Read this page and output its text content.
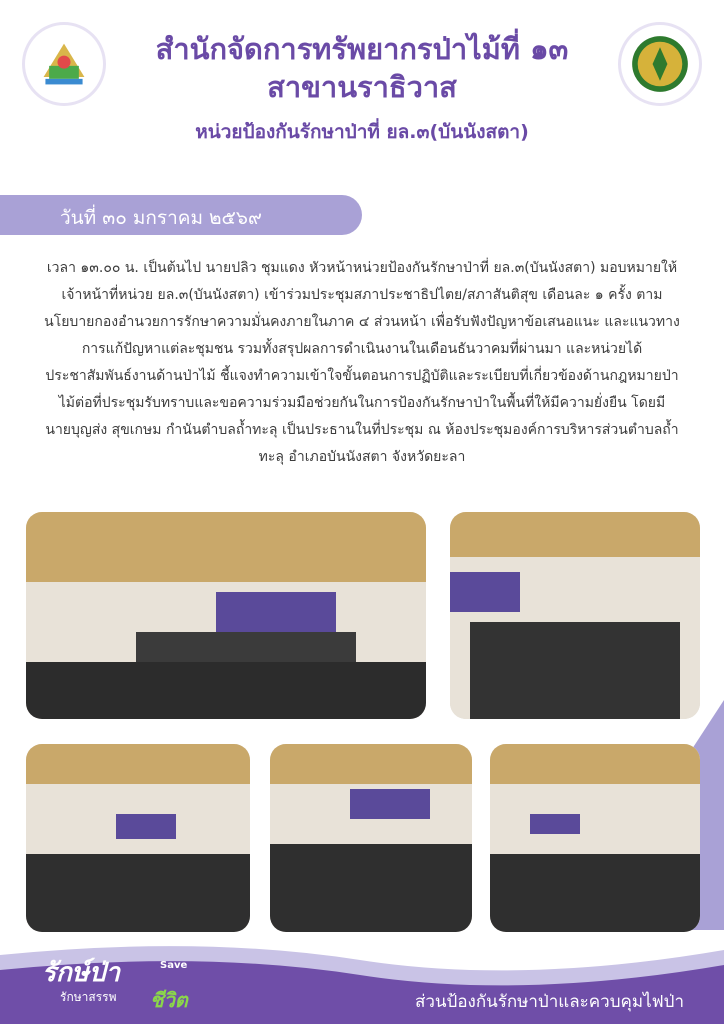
สำนักจัดการทรัพยากรป่าไม้ที่ ๑๓
สาขานราธิวาส
หน่วยป้องกันรักษาป่าที่ ยล.๓(บันนังสตา)
วันที่ ๓๐ มกราคม ๒๕๖๙
เวลา ๑๓.๐๐ น. เป็นต้นไป นายปลิว ชุมแดง หัวหน้าหน่วยป้องกันรักษาป่าที่ ยล.๓(บันนังสตา) มอบหมายให้เจ้าหน้าที่หน่วย ยล.๓(บันนังสตา) เข้าร่วมประชุมสภาประชาธิปไตย/สภาสันติสุข เดือนละ ๑ ครั้ง ตามนโยบายกองอำนวยการรักษาความมั่นคงภายในภาค ๔ ส่วนหน้า เพื่อรับฟังปัญหาข้อเสนอแนะ และแนวทางการแก้ปัญหาแต่ละชุมชน รวมทั้งสรุปผลการดำเนินงานในเดือนธันวาคมที่ผ่านมา และหน่วยได้ประชาสัมพันธ์งานด้านป่าไม้ ชี้แจงทำความเข้าใจขั้นตอนการปฏิบัติและระเบียบที่เกี่ยวข้องด้านกฎหมายป่าไม้ต่อที่ประชุมรับทราบและขอความร่วมมือช่วยกันในการป้องกันรักษาป่าในพื้นที่ให้มีความยั่งยืน โดยมี นายบุญส่ง สุขเกษม กำนันตำบลถ้ำทะลุ เป็นประธานในที่ประชุม ณ ห้องประชุมองค์การบริหารส่วนตำบลถ้ำทะลุ อำเภอบันนังสตา จังหวัดยะลา
รักษ์ป่า	Save
ชีวิต
รักษาสรรพ	ส่วนป้องกันรักษาป่าและควบคุมไฟป่า
